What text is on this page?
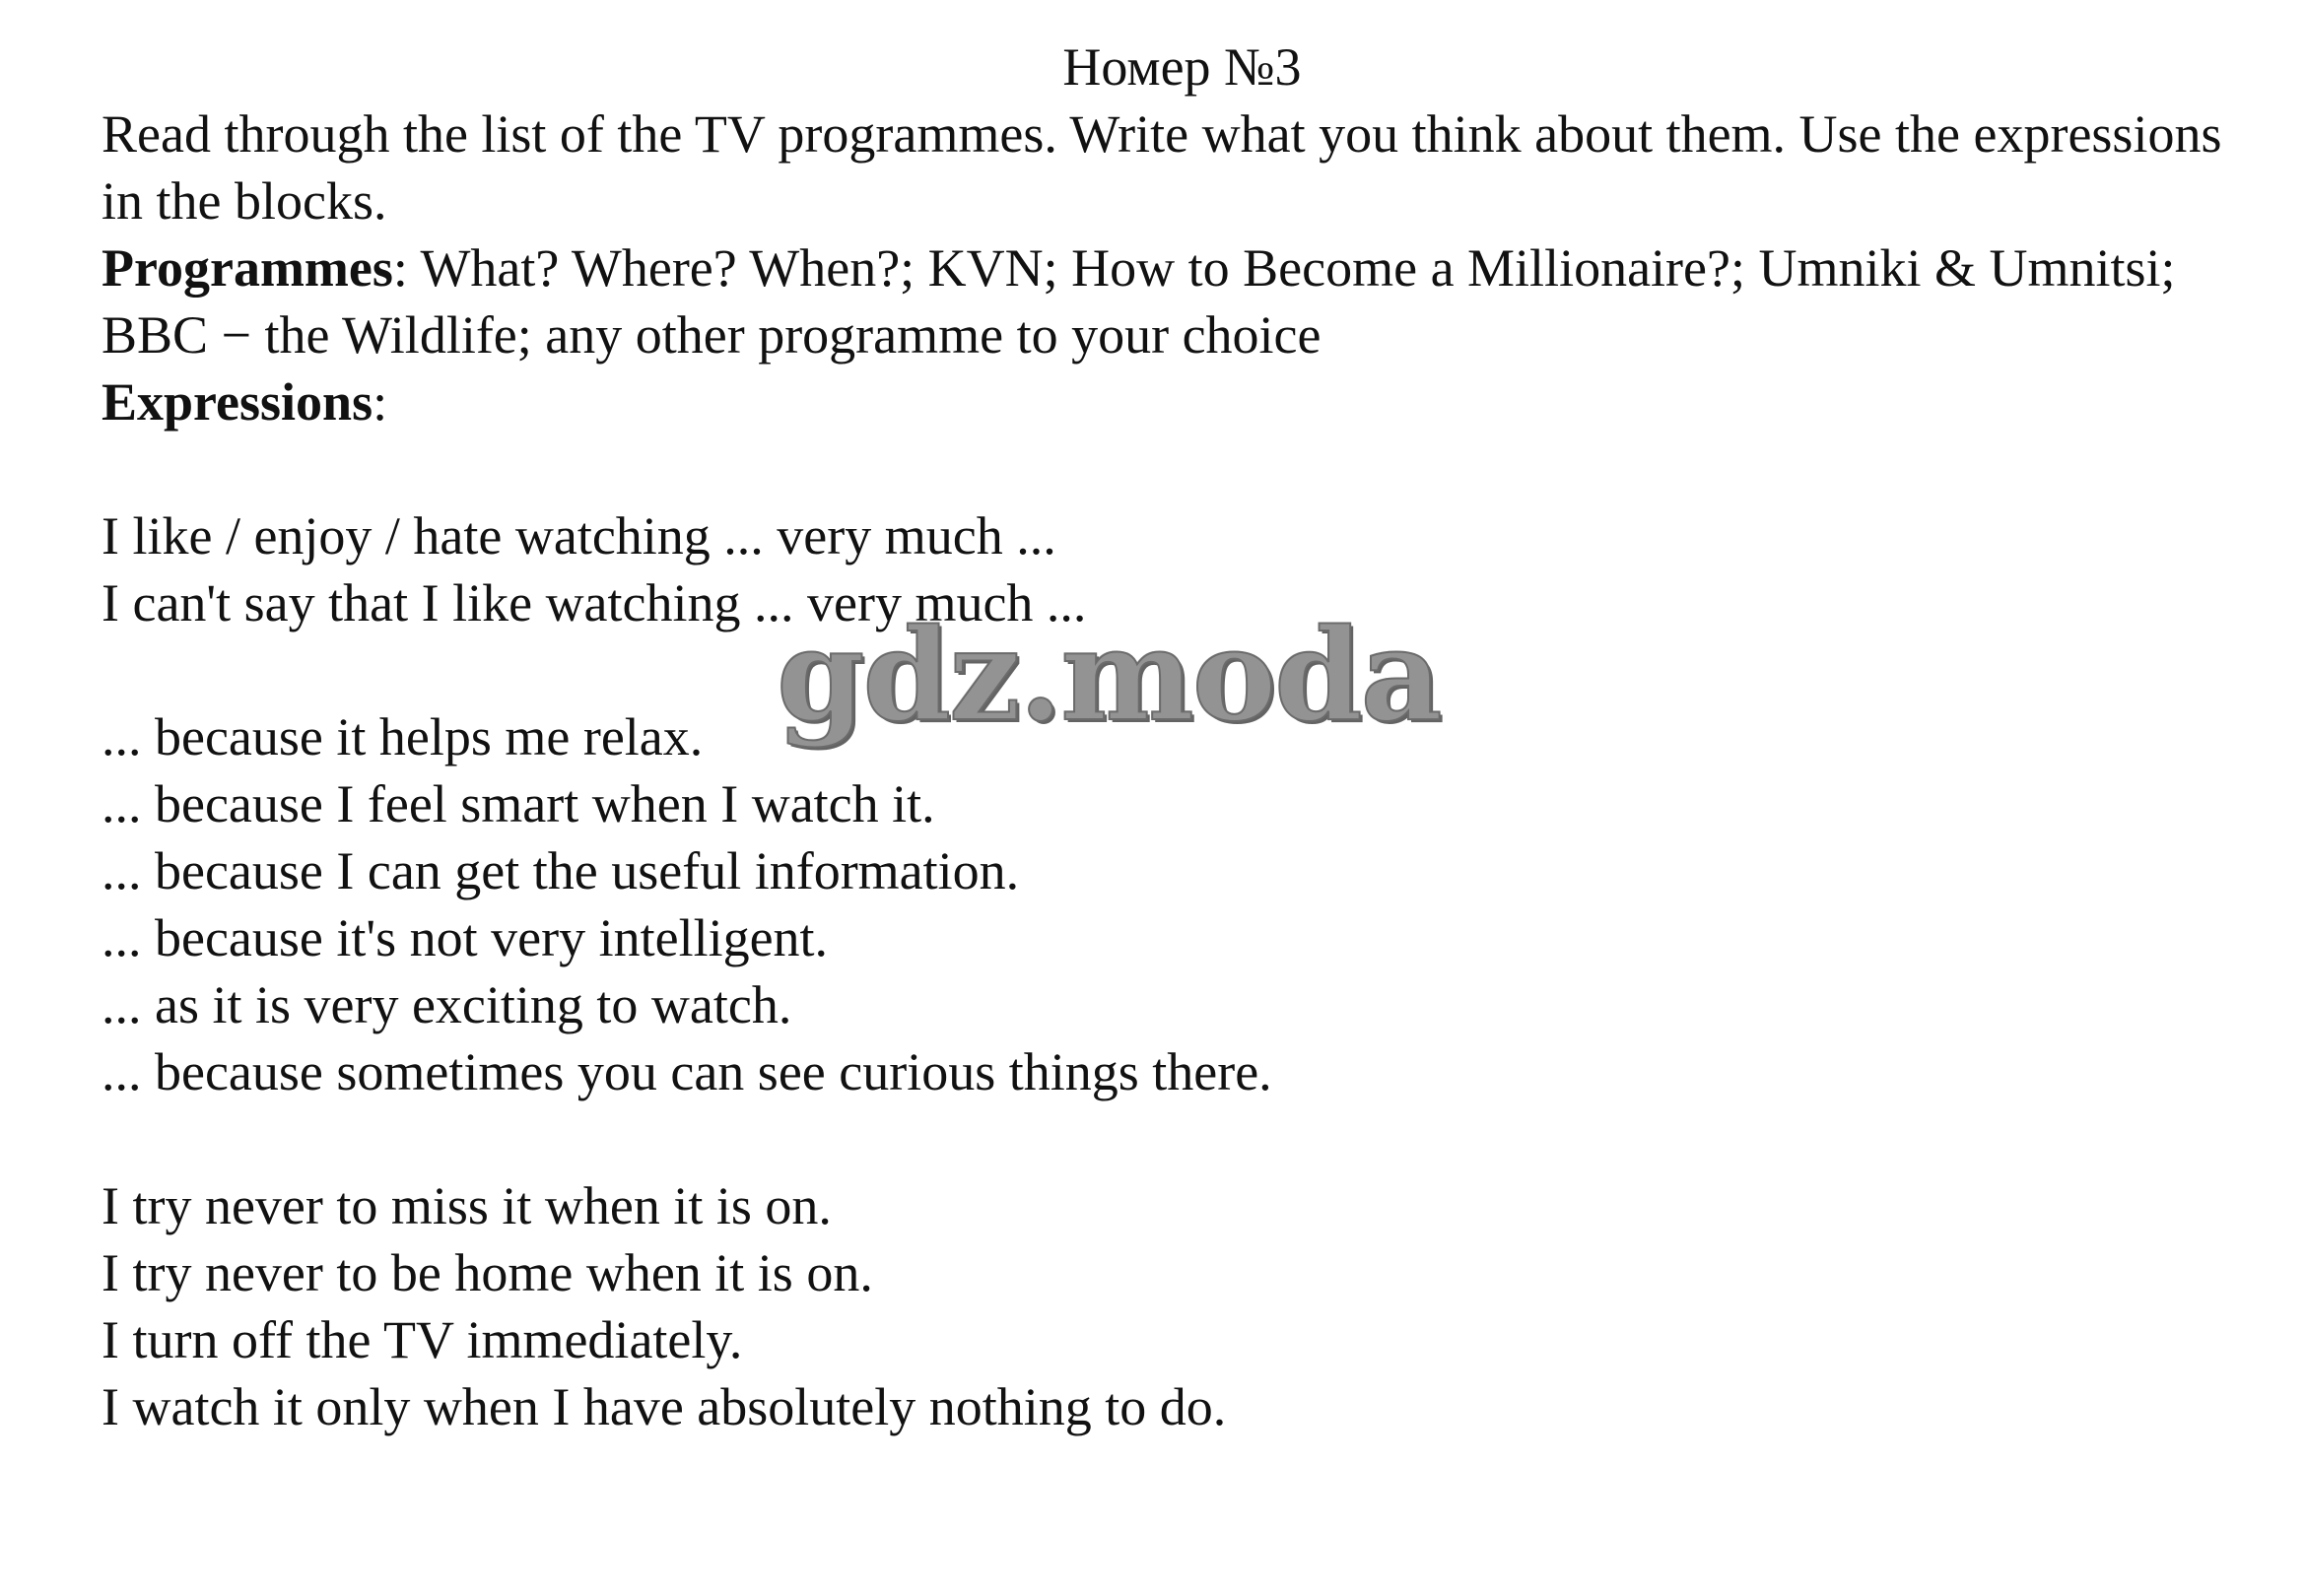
Номер №3
Read through the list of the TV programmes. Write what you think about them. Use the expressions in the blocks.
Programmes: What? Where? When?; KVN; How to Become a Millionaire?; Umniki & Umnitsi; BBC − the Wildlife; any other programme to your choice
Expressions:
I like / enjoy / hate watching ... very much ...
I can't say that I like watching ... very much ...
... because it helps me relax.
... because I feel smart when I watch it.
... because I can get the useful information.
... because it's not very intelligent.
... as it is very exciting to watch.
... because sometimes you can see curious things there.
I try never to miss it when it is on.
I try never to be home when it is on.
I turn off the TV immediately.
I watch it only when I have absolutely nothing to do.
gdz.moda
